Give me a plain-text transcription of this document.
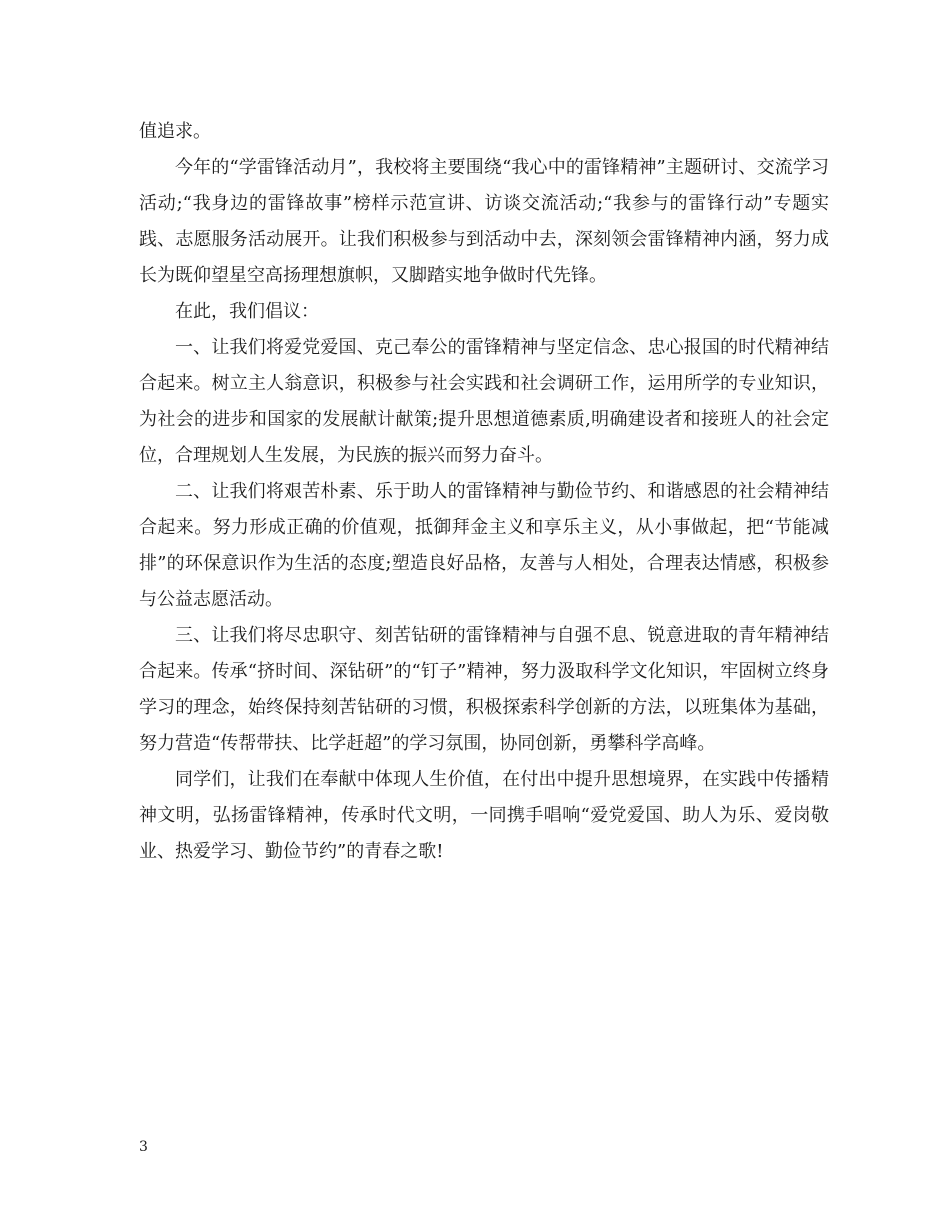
值追求。

今年的“学雷锋活动月”，我校将主要围绕“我心中的雷锋精神”主题研讨、交流学习活动;“我身边的雷锋故事”榜样示范宣讲、访谈交流活动;“我参与的雷锋行动”专题实践、志愿服务活动展开。让我们积极参与到活动中去，深刻领会雷锋精神内涵，努力成长为既仰望星空高扬理想旗帜，又脚踏实地争做时代先锋。

在此，我们倡议：

一、让我们将爱党爱国、克己奉公的雷锋精神与坚定信念、忠心报国的时代精神结合起来。树立主人翁意识，积极参与社会实践和社会调研工作，运用所学的专业知识，为社会的进步和国家的发展献计献策;提升思想道德素质,明确建设者和接班人的社会定位，合理规划人生发展，为民族的振兴而努力奋斗。

二、让我们将艰苦朴素、乐于助人的雷锋精神与勤俭节约、和谐感恩的社会精神结合起来。努力形成正确的价值观，抵御拜金主义和享乐主义，从小事做起，把“节能减排”的环保意识作为生活的态度;塑造良好品格，友善与人相处，合理表达情感，积极参与公益志愿活动。

三、让我们将尽忠职守、刻苦钻研的雷锋精神与自强不息、锐意进取的青年精神结合起来。传承“挤时间、深钻研”的“钉子”精神，努力汲取科学文化知识，牢固树立终身学习的理念，始终保持刻苦钻研的习惯，积极探索科学创新的方法，以班集体为基础，努力营造“传帮带扶、比学赶超”的学习氛围，协同创新，勇攀科学高峰。

同学们，让我们在奉献中体现人生价值，在付出中提升思想境界，在实践中传播精神文明，弘扬雷锋精神，传承时代文明，一同携手唱响“爱党爱国、助人为乐、爱岗敬业、热爱学习、勤俭节约”的青春之歌!

3
